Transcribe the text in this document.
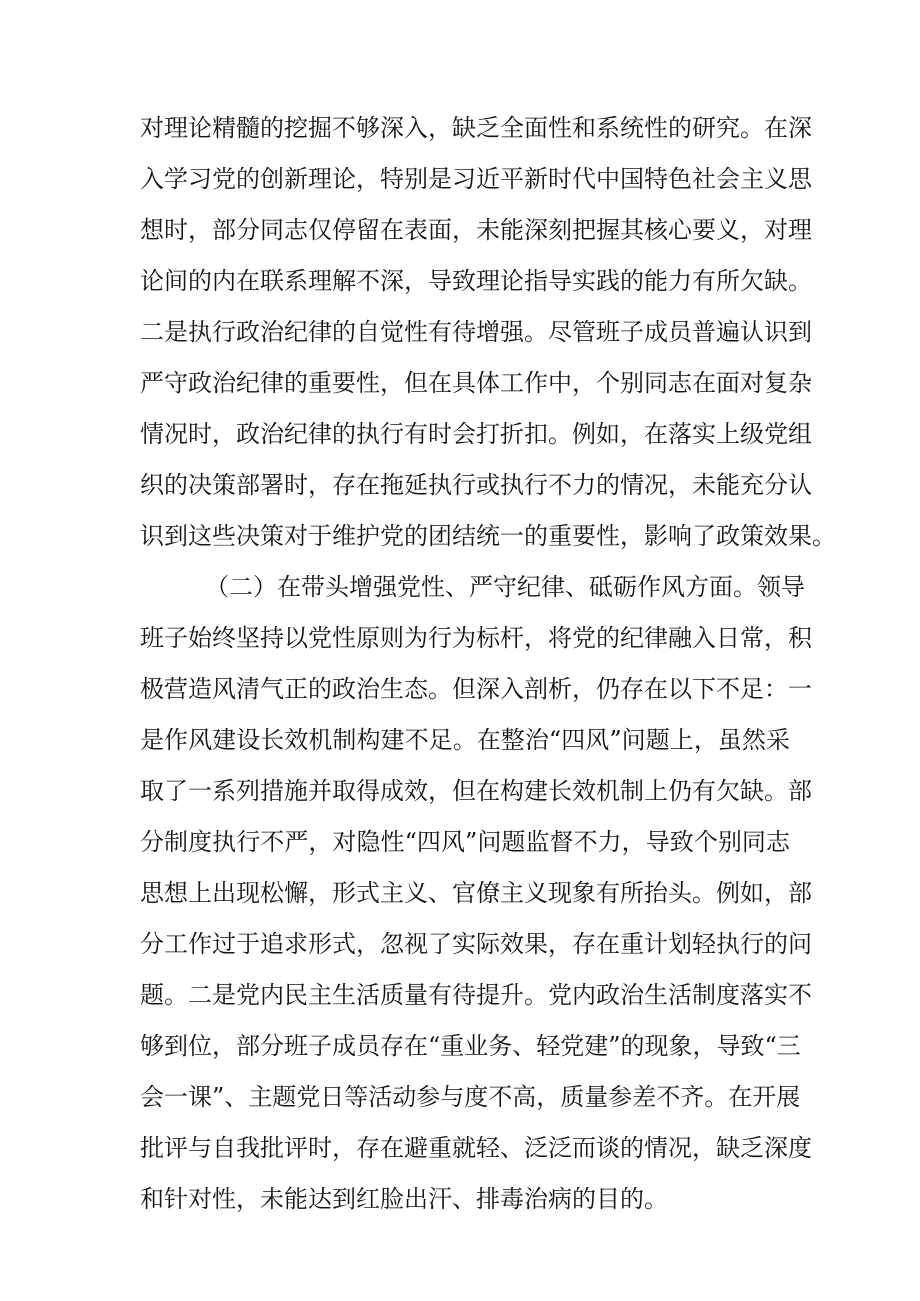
对理论精髓的挖掘不够深入，缺乏全面性和系统性的研究。在深
入学习党的创新理论，特别是习近平新时代中国特色社会主义思
想时，部分同志仅停留在表面，未能深刻把握其核心要义，对理
论间的内在联系理解不深，导致理论指导实践的能力有所欠缺。
二是执行政治纪律的自觉性有待增强。尽管班子成员普遍认识到
严守政治纪律的重要性，但在具体工作中，个别同志在面对复杂
情况时，政治纪律的执行有时会打折扣。例如，在落实上级党组
织的决策部署时，存在拖延执行或执行不力的情况，未能充分认
识到这些决策对于维护党的团结统一的重要性，影响了政策效果。
（二）在带头增强党性、严守纪律、砥砺作风方面。领导
班子始终坚持以党性原则为行为标杆，将党的纪律融入日常，积
极营造风清气正的政治生态。但深入剖析，仍存在以下不足：一
是作风建设长效机制构建不足。在整治“四风”问题上，虽然采
取了一系列措施并取得成效，但在构建长效机制上仍有欠缺。部
分制度执行不严，对隐性“四风”问题监督不力，导致个别同志
思想上出现松懈，形式主义、官僚主义现象有所抬头。例如，部
分工作过于追求形式，忽视了实际效果，存在重计划轻执行的问
题。二是党内民主生活质量有待提升。党内政治生活制度落实不
够到位，部分班子成员存在“重业务、轻党建”的现象，导致“三
会一课”、主题党日等活动参与度不高，质量参差不齐。在开展
批评与自我批评时，存在避重就轻、泛泛而谈的情况，缺乏深度
和针对性，未能达到红脸出汗、排毒治病的目的。
